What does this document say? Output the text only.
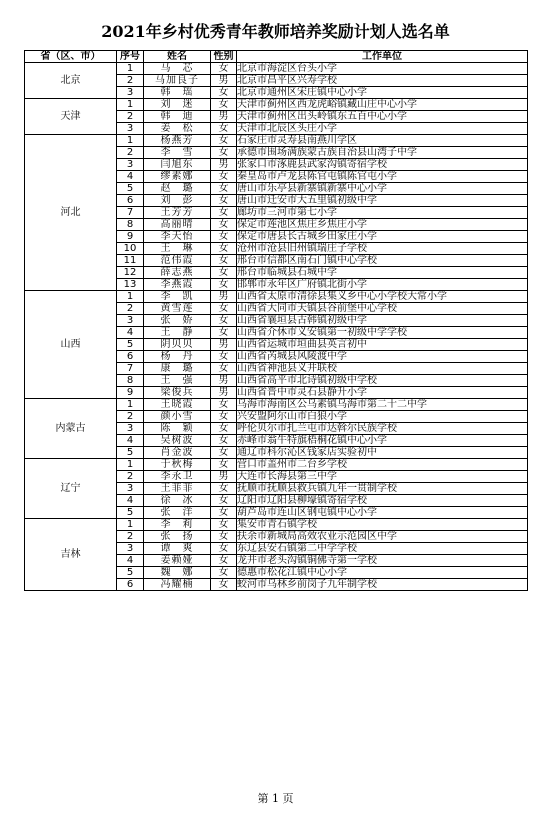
2021年乡村优秀青年教师培养奖励计划人选名单
省（区、市）	序号	姓名	性别	工作单位
北京	1	马　芯	女	北京市海淀区台头小学
	2	马加良子	男	北京市昌平区兴寿学校
	3	韩　瑶	女	北京市通州区宋庄镇中心小学
天津	1	刘　迷	女	天津市蓟州区西龙虎峪镇藏山庄中心小学
	2	韩　迪	男	天津市蓟州区出头岭镇东五百中心小学
	3	姜　松	女	天津市北辰区头庄小学
河北	1	杨燕芳	女	石家庄市灵寿县南燕川学区
	2	李　雪	女	承德市围场满族蒙古族自治县山湾子中学
	3	闫旭东	男	张家口市涿鹿县武家沟镇寄宿学校
	4	缪素娜	女	秦皇岛市卢龙县陈官屯镇陈官屯小学
	5	赵　璐	女	唐山市乐亭县新寨镇新寨中心小学
	6	刘　彭	女	唐山市迁安市大五里镇初级中学
	7	王芳芳	女	廊坊市三河市第七小学
	8	高丽晴	女	保定市莲池区焦庄乡焦庄小学
	9	李天怡	女	保定市唐县长古城乡田家庄小学
	10	王　琳	女	沧州市沧县旧州镇瑞庄子学校
	11	范伟霞	女	邢台市信都区南石门镇中心学校
	12	薛志燕	女	邢台市临城县石城中学
	13	李燕霞	女	邯郸市永年区广府镇北街小学
山西	1	李　凯	男	山西省太原市清徐县集义乡中心小学校大常小学
	2	黄雪莲	女	山西省大同市天镇县谷前堡中心学校
	3	张　娇	女	山西省襄垣县古韩镇初级中学
	4	王　静	女	山西省介休市义安镇第一初级中学学校
	5	阴贝贝	男	山西省运城市垣曲县英言初中
	6	杨　丹	女	山西省芮城县风陵渡中学
	7	康　璐	女	山西省神池县义井联校
	8	王　强	男	山西省高平市北诗镇初级中学校
	9	梁俊兵	男	山西省晋中市灵石县静升小学
内蒙古	1	王晓霞	女	乌海市海南区公乌素镇乌海市第二十二中学
	2	颜小雪	女	兴安盟阿尔山市白狼小学
	3	陈　颖	女	呼伦贝尔市扎兰屯市达斡尔民族学校
	4	吴树波	女	赤峰市翁牛特旗梧桐花镇中心小学
	5	肖金波	女	通辽市科尔沁区钱家店实验初中
辽宁	1	于秋梅	女	营口市盖州市二台乡学校
	2	李永卫	男	大连市长海县第三中学
	3	王菲菲	女	抚顺市抚顺县救兵镇九年一贯制学校
	4	徐　冰	女	辽阳市辽阳县柳壕镇寄宿学校
	5	张　洋	女	葫芦岛市连山区钢屯镇中心小学
吉林	1	李　莉	女	集安市青石镇学校
	2	张　扬	女	扶余市新城局高效农业示范园区中学
	3	谭　爽	女	东辽县安石镇第二中学学校
	4	姜赖娅	女	龙井市老头沟镇铜佛寺第一学校
	5	魏　娜	女	德惠市松花江镇中心小学
	6	冯耀楠	女	蛟河市乌林乡前岗子九年制学校
第 1 页
